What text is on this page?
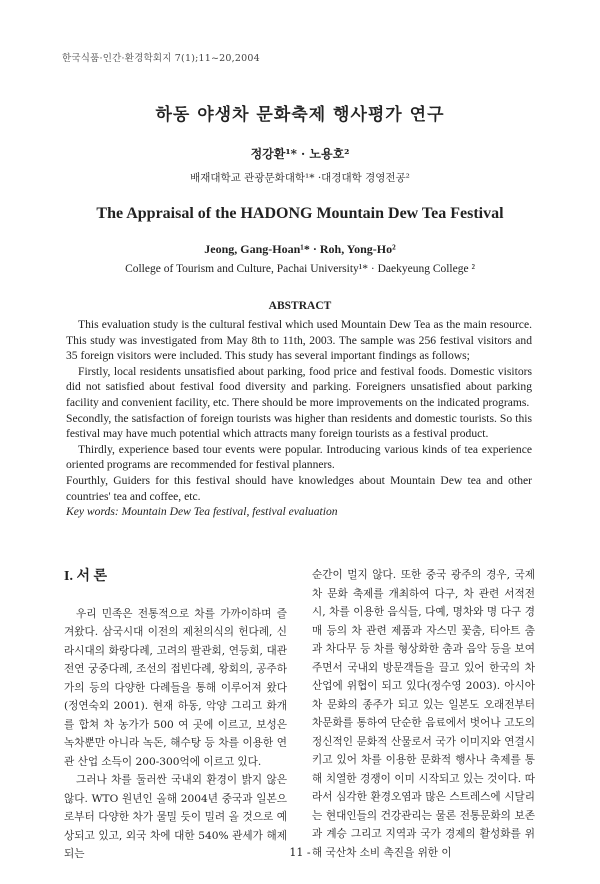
한국식품·인간·환경학회지 7(1);11~20,2004
하동 야생차 문화축제 행사평가 연구
정강환¹* · 노용호²
배재대학교 관광문화대학¹* ·대경대학 경영전공²
The Appraisal of the HADONG Mountain Dew Tea Festival
Jeong, Gang-Hoan¹* · Roh, Yong-Ho²
College of Tourism and Culture, Pachai University¹* · Daekyeung College ²
ABSTRACT

This evaluation study is the cultural festival which used Mountain Dew Tea as the main resource. This study was investigated from May 8th to 11th, 2003. The sample was 256 festival visitors and 35 foreign visitors were included. This study has several important findings as follows;

Firstly, local residents unsatisfied about parking, food price and festival foods. Domestic visitors did not satisfied about festival food diversity and parking. Foreigners unsatisfied about parking facility and convenient facility, etc. There should be more improvements on the indicated programs.

Secondly, the satisfaction of foreign tourists was higher than residents and domestic tourists. So this festival may have much potential which attracts many foreign tourists as a festival product.

Thirdly, experience based tour events were popular. Introducing various kinds of tea experience oriented programs are recommended for festival planners.

Fourthly, Guiders for this festival should have knowledges about Mountain Dew tea and other countries' tea and coffee, etc.

Key words: Mountain Dew Tea festival, festival evaluation

I. 서 론

우리 민족은 전통적으로 차를 가까이하며 즐겨왔다. 삼국시대 이전의 제천의식의 헌다례, 신라시대의 화랑다례, 고려의 팔관회, 연등회, 대관전연 궁중다례, 조선의 접빈다례, 왕회의, 공주하가의 등의 다양한 다례들을 통해 이루어져 왔다(정연숙외 2001). 현재 하동, 악양 그리고 화개를 합쳐 차 농가가 500 여 곳에 이르고, 보성은 녹차뿐만 아니라 녹돈, 해수탕 등 차를 이용한 연관 산업 소득이 200-300억에 이르고 있다.

그러나 차를 둘러싼 국내외 환경이 밝지 않은 않다. WTO 원년인 올해 2004년 중국과 일본으로부터 다양한 차가 물밀 듯이 밀려 올 것으로 예상되고 있고, 외국 차에 대한 540% 관세가 해제되는

순간이 멀지 않다. 또한 중국 광주의 경우, 국제 차 문화 축제를 개최하여 다구, 차 관련 서적전시, 차를 이용한 음식들, 다예, 명차와 명 다구 경매 등의 차 관련 제품과 자스민 꽃춤, 티아트 춤과 차다무 등 차를 형상화한 춤과 음악 등을 보여주면서 국내외 방문객들을 끌고 있어 한국의 차 산업에 위협이 되고 있다(정수영 2003). 아시아 차 문화의 종주가 되고 있는 일본도 오래전부터 차문화를 통하여 단순한 음료에서 벗어나 고도의 정신적인 문화적 산물로서 국가 이미지와 연결시키고 있어 차를 이용한 문화적 행사나 축제를 통해 치열한 경쟁이 이미 시작되고 있는 것이다. 따라서 심각한 환경오염과 많은 스트레스에 시달리는 현대인들의 건강관리는 물론 전통문화의 보존과 계승 그리고 지역과 국가 경제의 활성화를 위해 국산차 소비 촉진을 위한 이

11 -
